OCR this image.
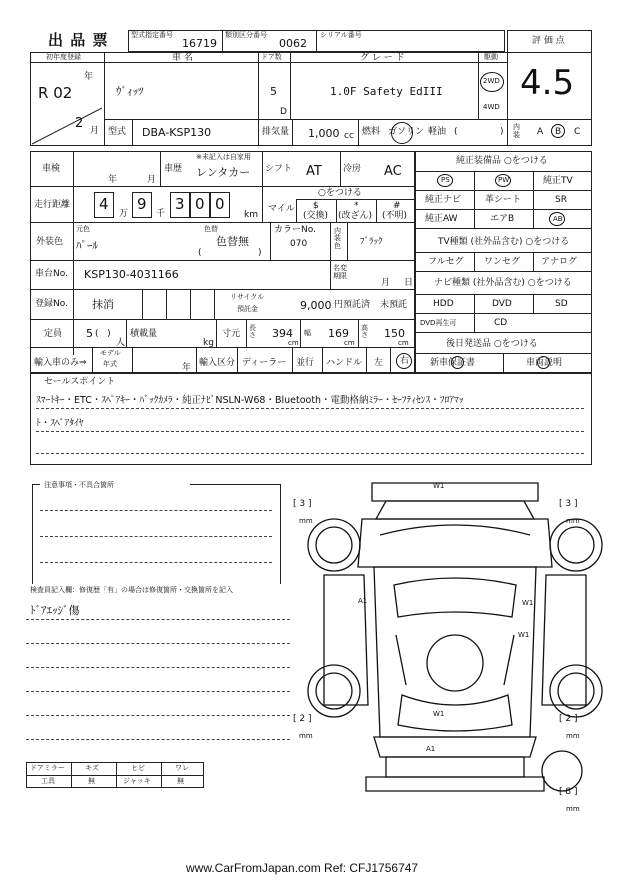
出 品 票	型式指定番号
16719
類別区分番号
0062
シリアル番号
評 価 点
4.5
初年度登録
年
R 02
2 月
車 名
ｳﾞｨｯﾂ
ドア数
5
D
グ レ ー ド
1.0F Safety EdIII
駆動
2WD
4WD
型式 DBA-KSP130	排気量 1,000 cc 燃料 ガソリン 軽油 (	) 内装	A B C
車検
年	月
車歴
※未記入は自家用
レンタカー シフト AT 冷房 AC
走行距離 4
万
9
千
3 0 0
km
マイル
○をつける
$
(交換)
*
(改ざん)
#
(不明)
外装色
元色
ﾊﾟｰﾙ
色替
色替無
(	)
カラーNo.
070
内装色 ﾌﾞﾗｯｸ
車台No. KSP130-4031166	名変期限
月 日
登録No. 抹消
リサイクル
預託金	9,000 円預託済 未預託
定員 5 (   )
人
積載量
kg
寸元
長さ 394
cm
幅 169
cm
高さ 150
cm
輸入車のみ⇒
モデル
年式	年 輸入区分 ディーラー 並行 ハンドル 左 右
純正装備品 ○をつける
PS	PW	純正TV
純正ナビ	革シート	SR
純正AW	エアB	AB
TV種類 (社外品含む) ○をつける
フルセグ ワンセグ アナログ
ナビ種類 (社外品含む) ○をつける
HDD	DVD	SD
DVD再生可	CD
後日発送品 ○をつける
新車保証書	車両説明
セールスポイント
ｽﾏｰﾄｷｰ・ETC・ｽﾍﾟｱｷｰ・ﾊﾞｯｸｶﾒﾗ・純正ﾅﾋﾞNSLN-W68・Bluetooth・電動格納ﾐﾗｰ・ｾｰﾌﾃｨｾﾝｽ・ﾌﾛｱﾏｯ
ﾄ・ｽﾍﾟｱﾀｲﾔ
注意事項・不具合箇所
検査員記入欄：修復歴「有」の場合は修復箇所・交換箇所を記入
ﾄﾞｱｴｯｼﾞ傷
ドアミラー	キズ	ヒビ	ワレ
工具	無	ジャッキ	無
W1
A1	W1
W1
W1
A1
[ 3 ]
mm
[ 3 ]
mm
[ 2 ]
mm
[ 2 ]
mm
[ 8 ]
mm
www.CarFromJapan.com Ref: CFJ1756747
